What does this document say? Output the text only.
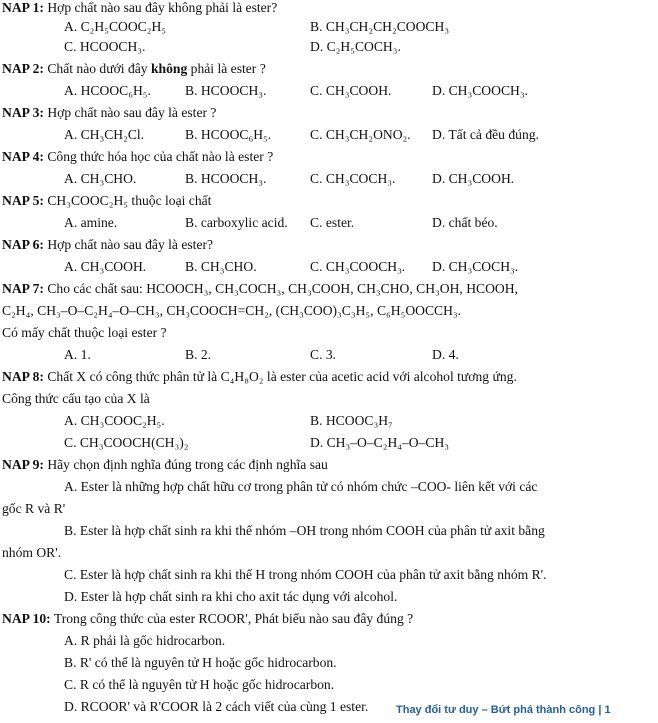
NAP 1: Hợp chất nào sau đây không phải là ester?
A. C₂H₅COOC₂H₅	B. CH₃CH₂CH₂COOCH₃
C. HCOOCH₃.	D. C₂H₅COCH₃.
NAP 2: Chất nào dưới đây không phải là ester ?
A. HCOOC₆H₅.	B. HCOOCH₃.	C. CH₃COOH.	D. CH₃COOCH₃.
NAP 3: Hợp chất nào sau đây là ester ?
A. CH₃CH₂Cl.	B. HCOOC₆H₅.	C. CH₃CH₂ONO₂. D. Tất cả đều đúng.
NAP 4: Công thức hóa học của chất nào là ester ?
A. CH₃CHO.	B. HCOOCH₃.	C. CH₃COCH₃.	D. CH₃COOH.
NAP 5: CH₃COOC₂H₅ thuộc loại chất
A. amine.	B. carboxylic acid. C. ester.	D. chất béo.
NAP 6: Hợp chất nào sau đây là ester?
A. CH₃COOH.	B. CH₃CHO.	C. CH₃COOCH₃. D. CH₃COCH₃.
NAP 7: Cho các chất sau: HCOOCH₃, CH₃COCH₃, CH₃COOH, CH₃CHO, CH₃OH, HCOOH,
C₂H₄, CH₃–O–C₂H₄–O–CH₃, CH₃COOCH=CH₂, (CH₃COO)₃C₃H₅, C₆H₅OOCCH₃.
Có mấy chất thuộc loại ester ?
A. 1.	B. 2.	C. 3.	D. 4.
NAP 8: Chất X có công thức phân tử là C₄H₈O₂ là ester của acetic acid với alcohol tương ứng.
Công thức cấu tạo của X là
A. CH₃COOC₂H₅.	B. HCOOC₃H₇
C. CH₃COOCH(CH₃)₂	D. CH₃–O–C₂H₄–O–CH₃
NAP 9: Hãy chọn định nghĩa đúng trong các định nghĩa sau
A. Ester là những hợp chất hữu cơ trong phân tử có nhóm chức –COO- liên kết với các
gốc R và R'
B. Ester là hợp chất sinh ra khi thế nhóm –OH trong nhóm COOH của phân tử axit bằng
nhóm OR'.
C. Ester là hợp chất sinh ra khi thế H trong nhóm COOH của phân tử axit bằng nhóm R'.
D. Ester là hợp chất sinh ra khi cho axit tác dụng với alcohol.
NAP 10: Trong công thức của ester RCOOR', Phát biểu nào sau đây đúng ?
A. R phải là gốc hidrocarbon.
B. R' có thể là nguyên tử H hoặc gốc hidrocarbon.
C. R có thể là nguyên tử H hoặc gốc hidrocarbon.
D. RCOOR' và R'COOR là 2 cách viết của cùng 1 ester.	Thay đổi tư duy – Bứt phá thành công | 1
